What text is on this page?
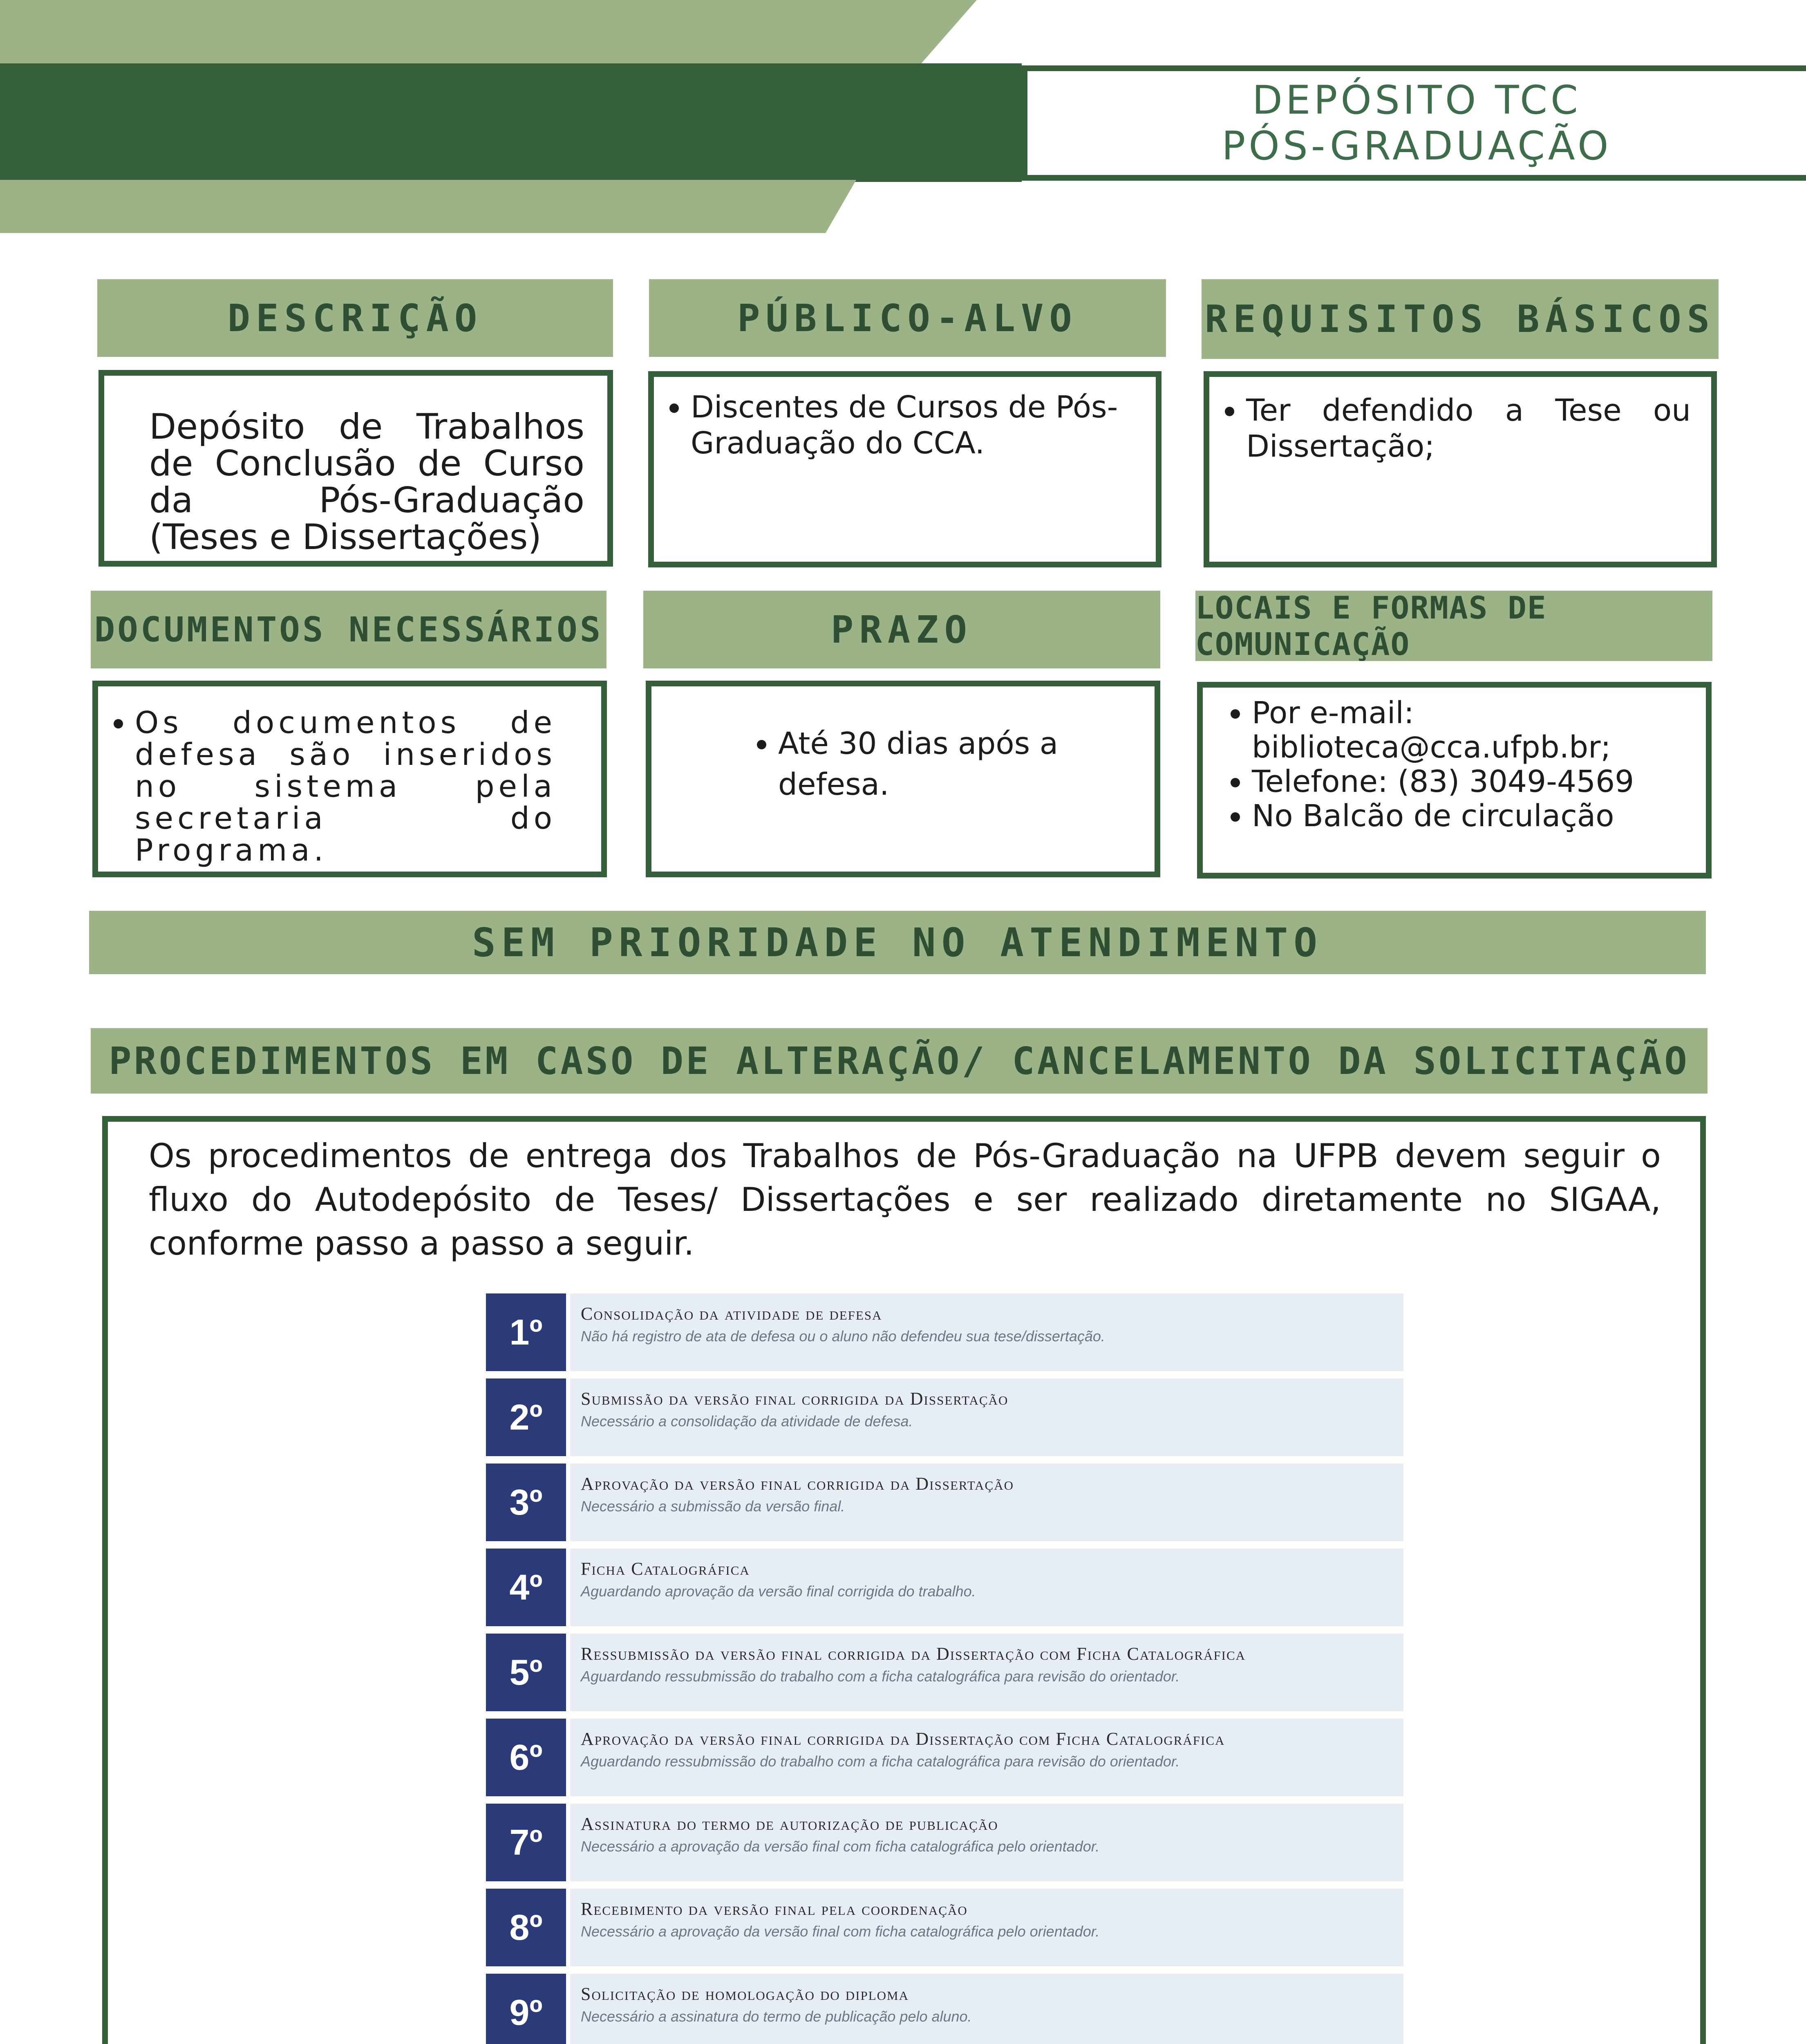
DEPÓSITO TCC
PÓS-GRADUAÇÃO
DESCRIÇÃO	PÚBLICO-ALVO	REQUISITOS BÁSICOS
Depósito de Trabalhos de Conclusão de Curso da Pós-Graduação (Teses e Dissertações)
• Discentes de Cursos de Pós-Graduação do CCA.
• Ter defendido a Tese ou Dissertação;
DOCUMENTOS NECESSÁRIOS	PRAZO	LOCAIS E FORMAS DE COMUNICAÇÃO
• Os documentos de defesa são inseridos no sistema pela secretaria do Programa.
• Até 30 dias após a defesa.
• Por e-mail: biblioteca@cca.ufpb.br;
• Telefone: (83) 3049-4569
• No Balcão de circulação
SEM PRIORIDADE NO ATENDIMENTO
PROCEDIMENTOS EM CASO DE ALTERAÇÃO/ CANCELAMENTO DA SOLICITAÇÃO
Os procedimentos de entrega dos Trabalhos de Pós-Graduação na UFPB devem seguir o fluxo do Autodepósito de Teses/ Dissertações e ser realizado diretamente no SIGAA, conforme passo a passo a seguir.
1º	Consolidação da atividade de defesa
Não há registro de ata de defesa ou o aluno não defendeu sua tese/dissertação.
2º	Submissão da versão final corrigida da Dissertação
Necessário a consolidação da atividade de defesa.
3º	Aprovação da versão final corrigida da Dissertação
Necessário a submissão da versão final.
4º	Ficha Catalográfica
Aguardando aprovação da versão final corrigida do trabalho.
5º	Ressubmissão da versão final corrigida da Dissertação com Ficha Catalográfica
Aguardando ressubmissão do trabalho com a ficha catalográfica para revisão do orientador.
6º	Aprovação da versão final corrigida da Dissertação com Ficha Catalográfica
Aguardando ressubmissão do trabalho com a ficha catalográfica para revisão do orientador.
7º	Assinatura do termo de autorização de publicação
Necessário a aprovação da versão final com ficha catalográfica pelo orientador.
8º	Recebimento da versão final pela coordenação
Necessário a aprovação da versão final com ficha catalográfica pelo orientador.
9º	Solicitação de homologação do diploma
Necessário a assinatura do termo de publicação pelo aluno.
